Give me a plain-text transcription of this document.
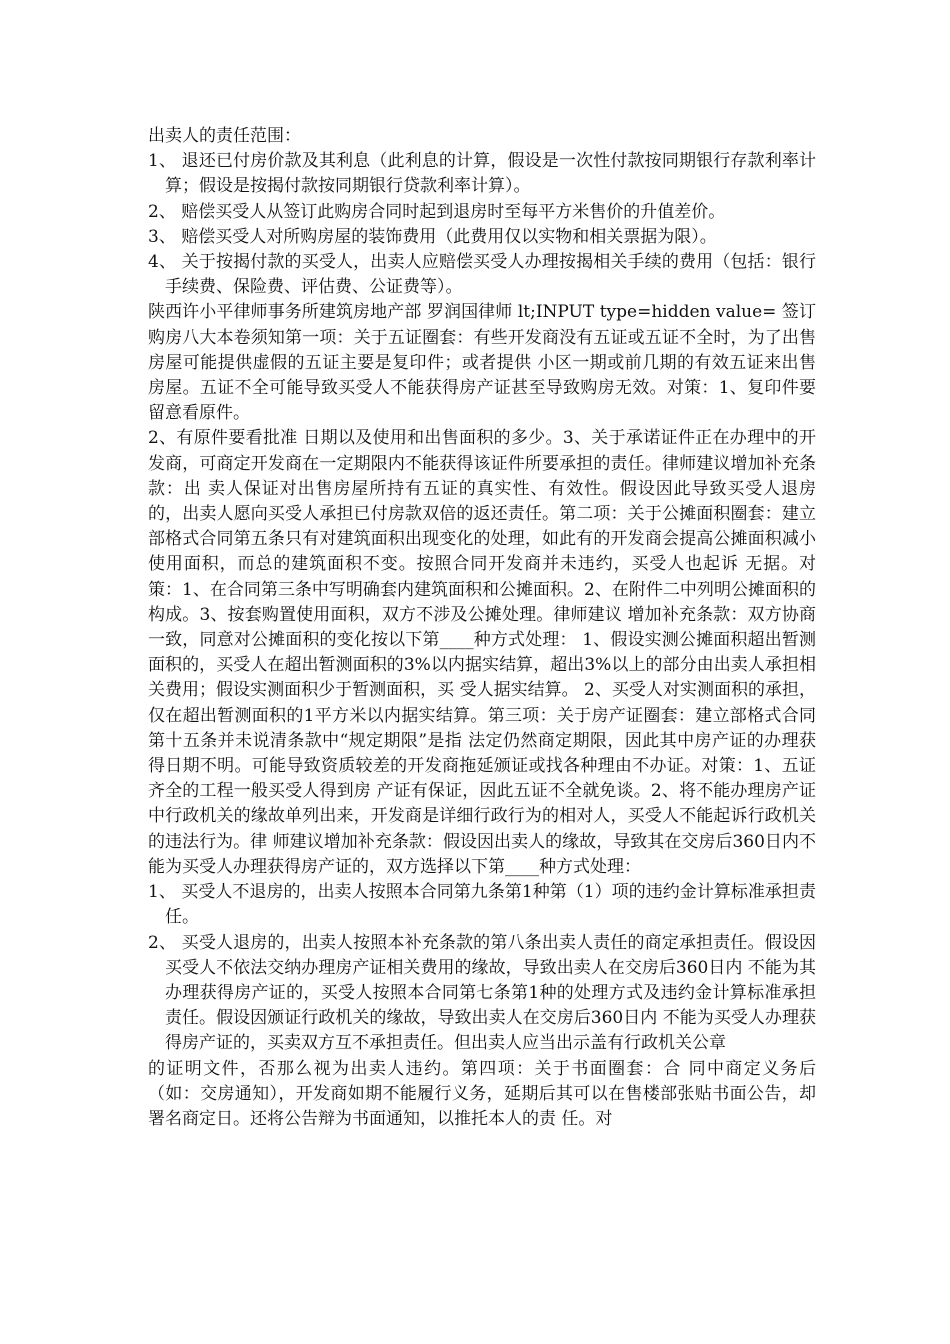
出卖人的责任范围：

1、 退还已付房价款及其利息（此利息的计算，假设是一次性付款按同期银行存款利率计算；假设是按揭付款按同期银行贷款利率计算）。

2、 赔偿买受人从签订此购房合同时起到退房时至每平方米售价的升值差价。

3、 赔偿买受人对所购房屋的装饰费用（此费用仅以实物和相关票据为限）。

4、 关于按揭付款的买受人，出卖人应赔偿买受人办理按揭相关手续的费用（包括：银行手续费、保险费、评估费、公证费等）。

陕西许小平律师事务所建筑房地产部 罗润国律师 lt;INPUT type=hidden value= 签订购房八大本卷须知第一项：关于五证圈套：有些开发商没有五证或五证不全时，为了出售房屋可能提供虚假的五证主要是复印件；或者提供 小区一期或前几期的有效五证来出售房屋。五证不全可能导致买受人不能获得房产证甚至导致购房无效。对策：1、复印件要留意看原件。

2、有原件要看批准 日期以及使用和出售面积的多少。3、关于承诺证件正在办理中的开发商，可商定开发商在一定期限内不能获得该证件所要承担的责任。律师建议增加补充条款：出 卖人保证对出售房屋所持有五证的真实性、有效性。假设因此导致买受人退房的，出卖人愿向买受人承担已付房款双倍的返还责任。第二项：关于公摊面积圈套：建立 部格式合同第五条只有对建筑面积出现变化的处理，如此有的开发商会提高公摊面积减小使用面积，而总的建筑面积不变。按照合同开发商并未违约，买受人也起诉 无据。对策：1、在合同第三条中写明确套内建筑面积和公摊面积。2、在附件二中列明公摊面积的构成。3、按套购置使用面积，双方不涉及公摊处理。律师建议 增加补充条款：双方协商一致，同意对公摊面积的变化按以下第____种方式处理： 1、假设实测公摊面积超出暂测面积的，买受人在超出暂测面积的3%以内据实结算，超出3%以上的部分由出卖人承担相关费用；假设实测面积少于暂测面积，买 受人据实结算。 2、买受人对实测面积的承担，仅在超出暂测面积的1平方米以内据实结算。第三项：关于房产证圈套：建立部格式合同第十五条并未说清条款中“规定期限”是指 法定仍然商定期限，因此其中房产证的办理获得日期不明。可能导致资质较差的开发商拖延颁证或找各种理由不办证。对策：1、五证齐全的工程一般买受人得到房 产证有保证，因此五证不全就免谈。2、将不能办理房产证中行政机关的缘故单列出来，开发商是详细行政行为的相对人，买受人不能起诉行政机关的违法行为。律 师建议增加补充条款：假设因出卖人的缘故，导致其在交房后360日内不能为买受人办理获得房产证的，双方选择以下第____种方式处理：

1、 买受人不退房的，出卖人按照本合同第九条第1种第（1）项的违约金计算标准承担责任。

2、 买受人退房的，出卖人按照本补充条款的第八条出卖人责任的商定承担责任。假设因买受人不依法交纳办理房产证相关费用的缘故，导致出卖人在交房后360日内 不能为其办理获得房产证的，买受人按照本合同第七条第1种的处理方式及违约金计算标准承担责任。假设因颁证行政机关的缘故，导致出卖人在交房后360日内 不能为买受人办理获得房产证的，买卖双方互不承担责任。但出卖人应当出示盖有行政机关公章

的证明文件，否那么视为出卖人违约。第四项：关于书面圈套：合 同中商定义务后（如：交房通知），开发商如期不能履行义务，延期后其可以在售楼部张贴书面公告，却署名商定日。还将公告辩为书面通知，以推托本人的责 任。对
